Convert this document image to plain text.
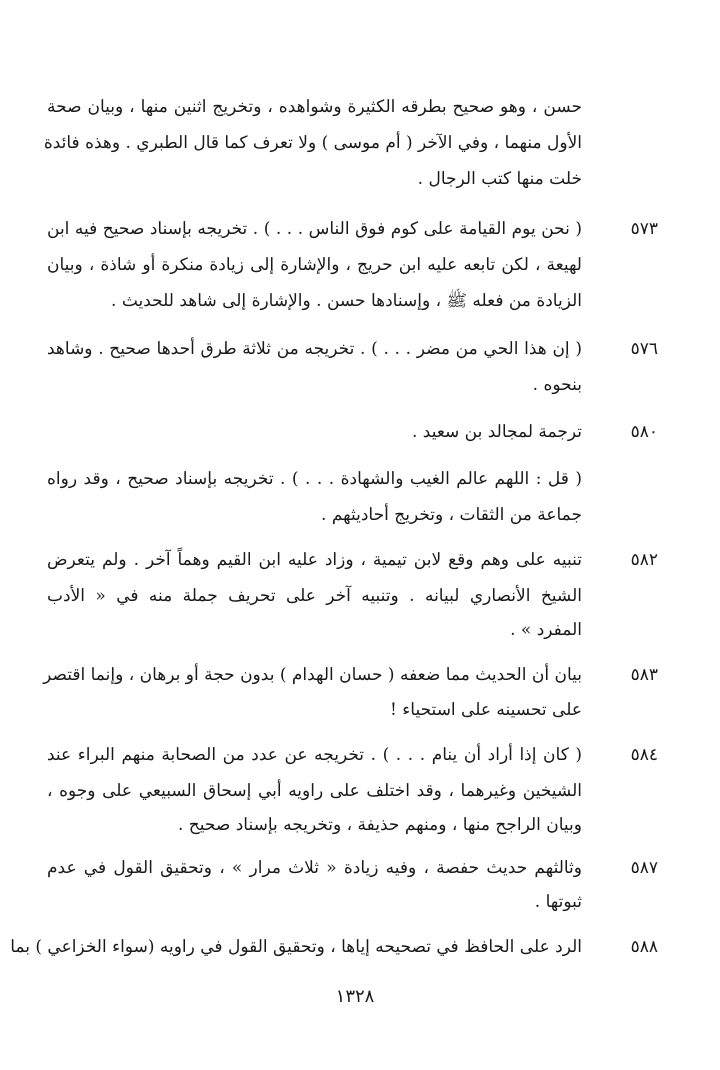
حسن ، وهو صحيح بطرقه الكثيرة وشواهده ، وتخريج اثنين منها ، وبيان صحة
الأول منهما ، وفي الآخر ( أم موسى ) ولا تعرف كما قال الطبري . وهذه فائدة
خلت منها كتب الرجال .
٥٧٣
( نحن يوم القيامة على كوم فوق الناس . . . ) . تخريجه بإسناد صحيح فيه ابن
لهيعة ، لكن تابعه عليه ابن حريج ، والإشارة إلى زيادة منكرة أو شاذة ، وبيان
الزيادة من فعله ﷺ ، وإسنادها حسن . والإشارة إلى شاهد للحديث .
٥٧٦
( إن هذا الحي من مضر . . . ) . تخريجه من ثلاثة طرق أحدها صحيح . وشاهد
بنحوه .
٥٨٠
ترجمة لمجالد بن سعيد .
( قل : اللهم عالم الغيب والشهادة . . . ) . تخريجه بإسناد صحيح ، وقد رواه
جماعة من الثقات ، وتخريج أحاديثهم .
٥٨٢
تنبيه على وهم وقع لابن تيمية ، وزاد عليه ابن القيم وهماً آخر . ولم يتعرض
الشيخ الأنصاري لبيانه . وتنبيه آخر على تحريف جملة منه في « الأدب
المفرد » .
٥٨٣
بيان أن الحديث مما ضعفه ( حسان الهدام ) بدون حجة أو برهان ، وإنما اقتصر
على تحسينه على استحياء !
٥٨٤
( كان إذا أراد أن ينام . . . ) . تخريجه عن عدد من الصحابة منهم البراء عند
الشيخين وغيرهما ، وقد اختلف على راويه أبي إسحاق السبيعي على وجوه ،
وبيان الراجح منها ، ومنهم حذيفة ، وتخريجه بإسناد صحيح .
٥٨٧
وثالثهم حديث حفصة ، وفيه زيادة « ثلاث مرار » ، وتحقيق القول في عدم
ثبوتها .
٥٨٨
الرد على الحافظ في تصحيحه إياها ، وتحقيق القول في راويه (سواء الخزاعي ) بما
١٣٢٨
